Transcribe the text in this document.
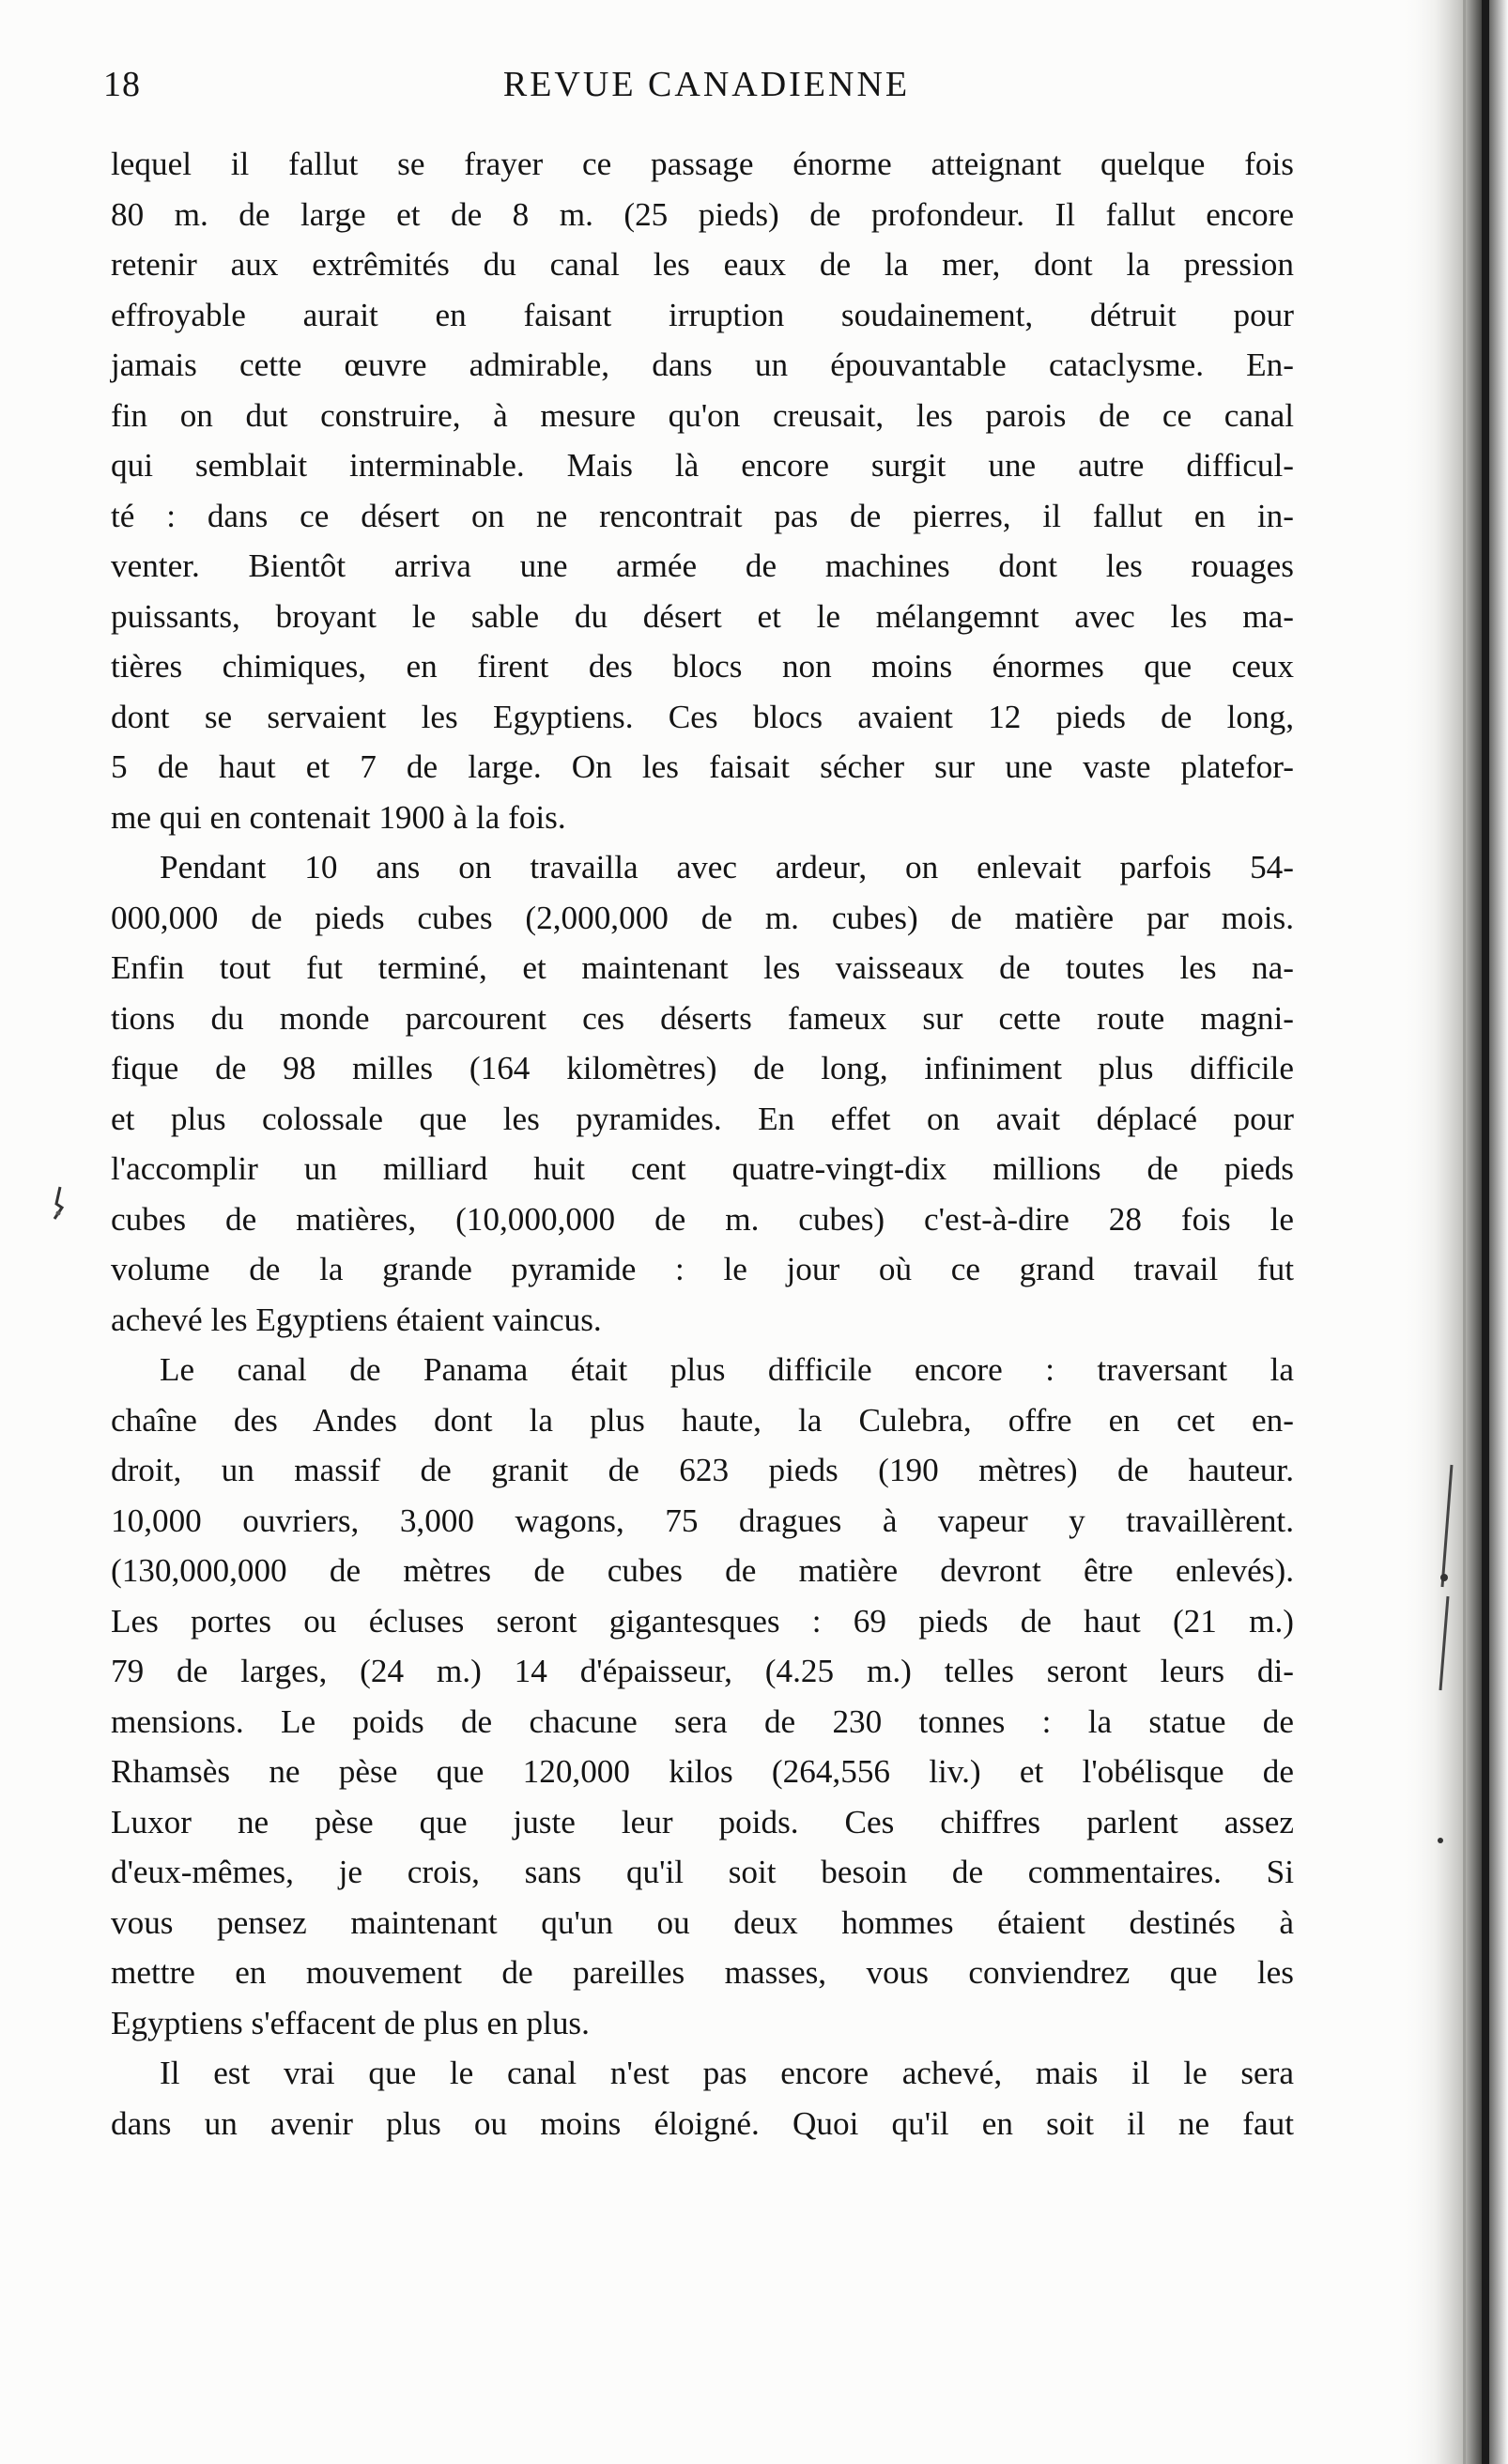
18	REVUE CANADIENNE
lequel il fallut se frayer ce passage énorme atteignant quelque fois
80 m. de large et de 8 m. (25 pieds) de profondeur. Il fallut encore
retenir aux extrêmités du canal les eaux de la mer, dont la pression
effroyable aurait en faisant irruption soudainement, détruit pour
jamais cette œuvre admirable, dans un épouvantable cataclysme. En-
fin on dut construire, à mesure qu'on creusait, les parois de ce canal
qui semblait interminable. Mais là encore surgit une autre difficul-
té : dans ce désert on ne rencontrait pas de pierres, il fallut en in-
venter. Bientôt arriva une armée de machines dont les rouages
puissants, broyant le sable du désert et le mélangemnt avec les ma-
tières chimiques, en firent des blocs non moins énormes que ceux
dont se servaient les Egyptiens. Ces blocs avaient 12 pieds de long,
5 de haut et 7 de large. On les faisait sécher sur une vaste platefor-
me qui en contenait 1900 à la fois.
Pendant 10 ans on travailla avec ardeur, on enlevait parfois 54-
000,000 de pieds cubes (2,000,000 de m. cubes) de matière par mois.
Enfin tout fut terminé, et maintenant les vaisseaux de toutes les na-
tions du monde parcourent ces déserts fameux sur cette route magni-
fique de 98 milles (164 kilomètres) de long, infiniment plus difficile
et plus colossale que les pyramides. En effet on avait déplacé pour
l'accomplir un milliard huit cent quatre-vingt-dix millions de pieds
cubes de matières, (10,000,000 de m. cubes) c'est-à-dire 28 fois le
volume de la grande pyramide : le jour où ce grand travail fut
achevé les Egyptiens étaient vaincus.
Le canal de Panama était plus difficile encore : traversant la
chaîne des Andes dont la plus haute, la Culebra, offre en cet en-
droit, un massif de granit de 623 pieds (190 mètres) de hauteur.
10,000 ouvriers, 3,000 wagons, 75 dragues à vapeur y travaillèrent.
(130,000,000 de mètres de cubes de matière devront être enlevés).
Les portes ou écluses seront gigantesques : 69 pieds de haut (21 m.)
79 de larges, (24 m.) 14 d'épaisseur, (4.25 m.) telles seront leurs di-
mensions. Le poids de chacune sera de 230 tonnes : la statue de
Rhamsès ne pèse que 120,000 kilos (264,556 liv.) et l'obélisque de
Luxor ne pèse que juste leur poids. Ces chiffres parlent assez
d'eux-mêmes, je crois, sans qu'il soit besoin de commentaires. Si
vous pensez maintenant qu'un ou deux hommes étaient destinés à
mettre en mouvement de pareilles masses, vous conviendrez que les
Egyptiens s'effacent de plus en plus.
Il est vrai que le canal n'est pas encore achevé, mais il le sera
dans un avenir plus ou moins éloigné. Quoi qu'il en soit il ne faut
